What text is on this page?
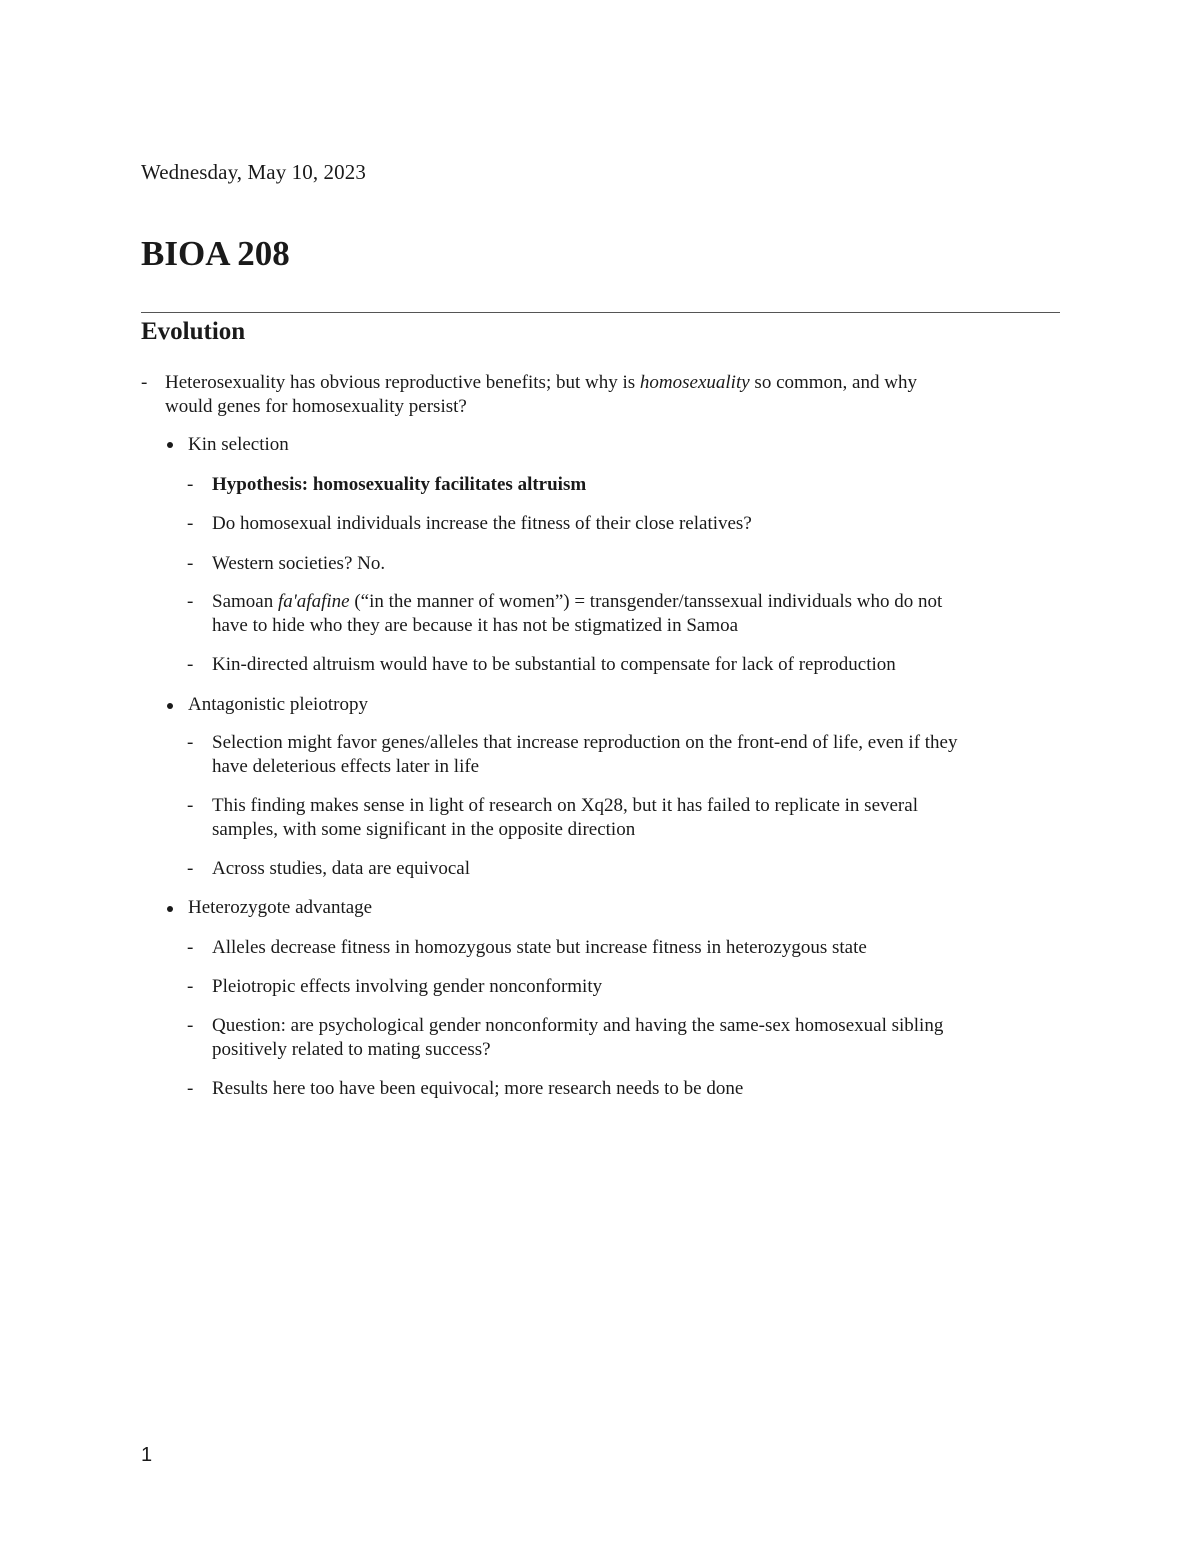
Wednesday, May 10, 2023
BIOA 208
Evolution
- Heterosexuality has obvious reproductive benefits; but why is homosexuality so common, and why
would genes for homosexuality persist?
Kin selection
- Hypothesis: homosexuality facilitates altruism
- Do homosexual individuals increase the fitness of their close relatives?
- Western societies? No.
- Samoan fa'afafine (“in the manner of women”) = transgender/tanssexual individuals who do not
have to hide who they are because it has not be stigmatized in Samoa
- Kin-directed altruism would have to be substantial to compensate for lack of reproduction
Antagonistic pleiotropy
- Selection might favor genes/alleles that increase reproduction on the front-end of life, even if they
have deleterious effects later in life
- This finding makes sense in light of research on Xq28, but it has failed to replicate in several
samples, with some significant in the opposite direction
- Across studies, data are equivocal
Heterozygote advantage
- Alleles decrease fitness in homozygous state but increase fitness in heterozygous state
- Pleiotropic effects involving gender nonconformity
- Question: are psychological gender nonconformity and having the same-sex homosexual sibling
positively related to mating success?
- Results here too have been equivocal; more research needs to be done
1
